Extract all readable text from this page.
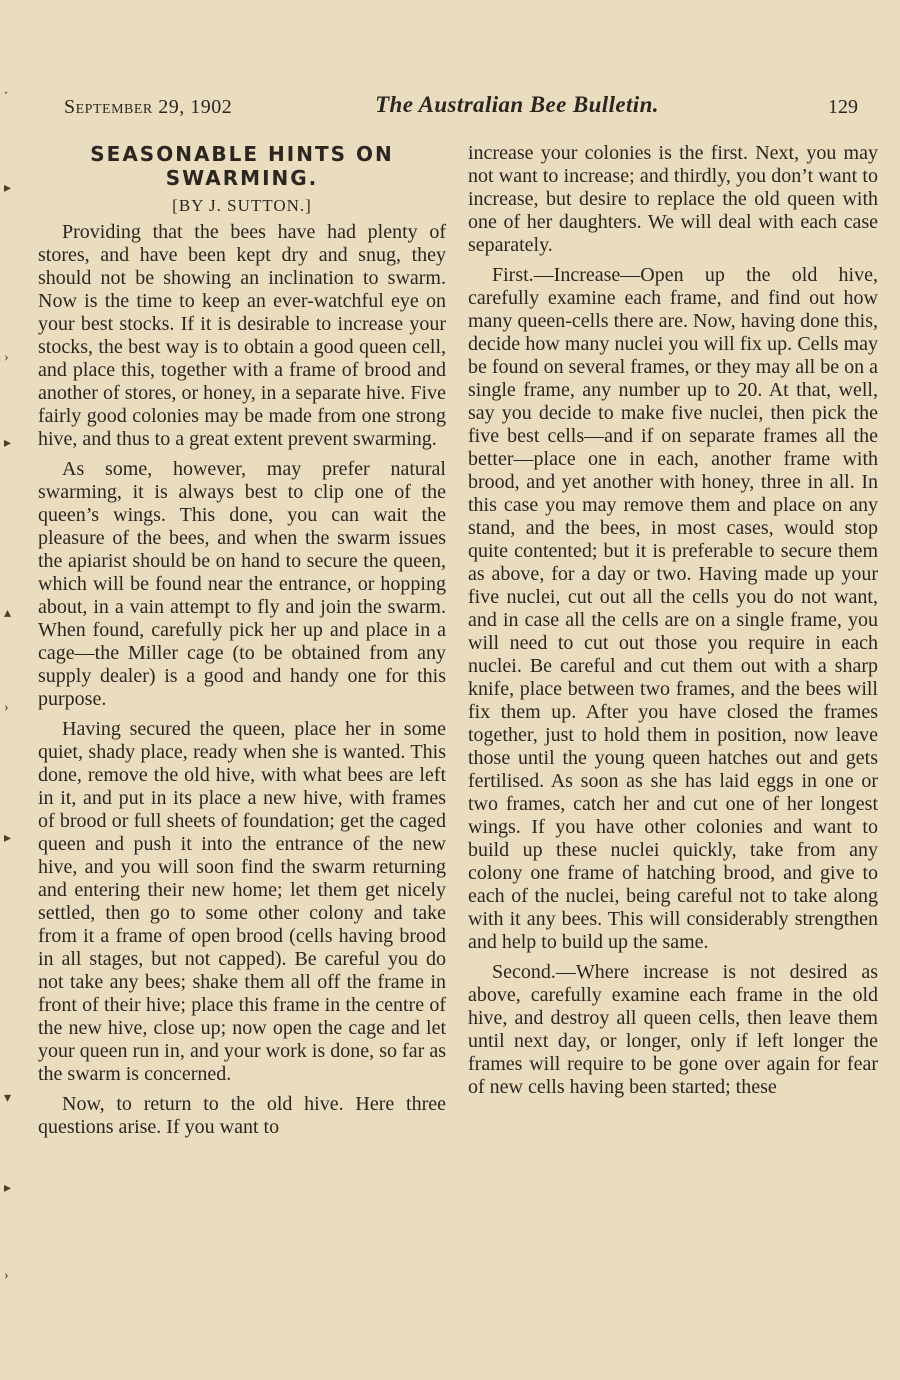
˹
▸
›
▸
▴
›
▸
▾
▸
›
September 29, 1902	The Australian Bee Bulletin.	129
SEASONABLE HINTS ON SWARMING.
[BY J. SUTTON.]

Providing that the bees have had plenty of stores, and have been kept dry and snug, they should not be showing an inclination to swarm. Now is the time to keep an ever-watchful eye on your best stocks. If it is desirable to increase your stocks, the best way is to obtain a good queen cell, and place this, together with a frame of brood and another of stores, or honey, in a separate hive. Five fairly good colonies may be made from one strong hive, and thus to a great extent prevent swarming.

As some, however, may prefer natural swarming, it is always best to clip one of the queen’s wings. This done, you can wait the pleasure of the bees, and when the swarm issues the apiarist should be on hand to secure the queen, which will be found near the entrance, or hopping about, in a vain attempt to fly and join the swarm. When found, carefully pick her up and place in a cage—the Miller cage (to be obtained from any supply dealer) is a good and handy one for this purpose.

Having secured the queen, place her in some quiet, shady place, ready when she is wanted. This done, remove the old hive, with what bees are left in it, and put in its place a new hive, with frames of brood or full sheets of foundation; get the caged queen and push it into the entrance of the new hive, and you will soon find the swarm returning and entering their new home; let them get nicely settled, then go to some other colony and take from it a frame of open brood (cells having brood in all stages, but not capped). Be careful you do not take any bees; shake them all off the frame in front of their hive; place this frame in the centre of the new hive, close up; now open the cage and let your queen run in, and your work is done, so far as the swarm is concerned.

Now, to return to the old hive. Here three questions arise. If you want to

increase your colonies is the first. Next, you may not want to increase; and thirdly, you don’t want to increase, but desire to replace the old queen with one of her daughters. We will deal with each case separately.

First.—Increase—Open up the old hive, carefully examine each frame, and find out how many queen-cells there are. Now, having done this, decide how many nuclei you will fix up. Cells may be found on several frames, or they may all be on a single frame, any number up to 20. At that, well, say you decide to make five nuclei, then pick the five best cells—and if on separate frames all the better—place one in each, another frame with brood, and yet another with honey, three in all. In this case you may remove them and place on any stand, and the bees, in most cases, would stop quite contented; but it is preferable to secure them as above, for a day or two. Having made up your five nuclei, cut out all the cells you do not want, and in case all the cells are on a single frame, you will need to cut out those you require in each nuclei. Be careful and cut them out with a sharp knife, place between two frames, and the bees will fix them up. After you have closed the frames together, just to hold them in position, now leave those until the young queen hatches out and gets fertilised. As soon as she has laid eggs in one or two frames, catch her and cut one of her longest wings. If you have other colonies and want to build up these nuclei quickly, take from any colony one frame of hatching brood, and give to each of the nuclei, being careful not to take along with it any bees. This will considerably strengthen and help to build up the same.

Second.—Where increase is not desired as above, carefully examine each frame in the old hive, and destroy all queen cells, then leave them until next day, or longer, only if left longer the frames will require to be gone over again for fear of new cells having been started; these
